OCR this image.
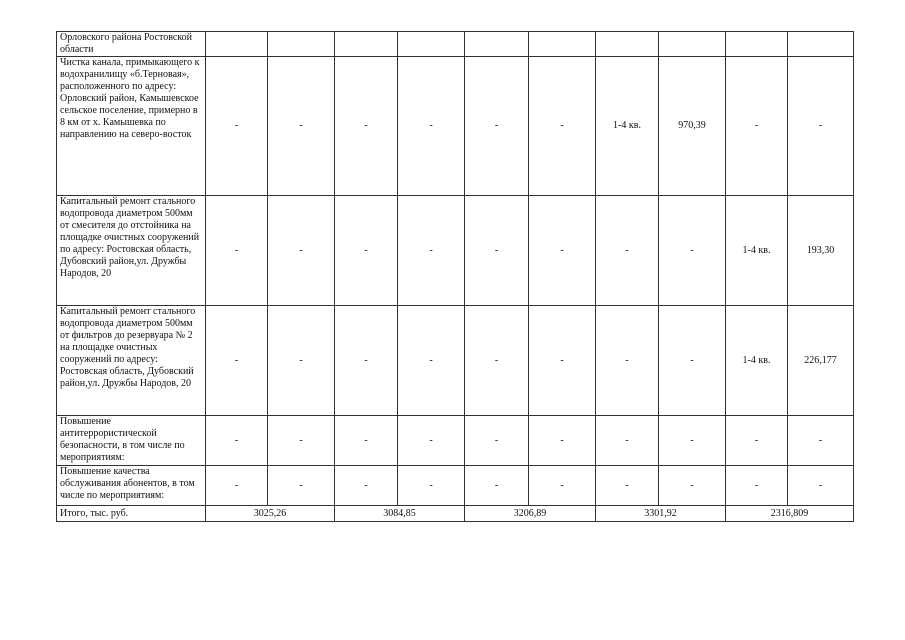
Орловского района Ростовской области										
Чистка канала, примыкающего к водохранилищу «б.Терновая», расположенного по адресу: Орловский район, Камышевское сельское поселение, примерно в 8 км от х. Камышевка по направлению на северо-восток	-	-	-	-	-	-	1-4 кв.	970,39	-	-
Капитальный ремонт стального водопровода диаметром 500мм от смесителя до отстойника на площадке очистных сооружений по адресу: Ростовская область, Дубовский район,ул. Дружбы Народов, 20	-	-	-	-	-	-	-	-	1-4 кв.	193,30
Капитальный ремонт стального водопровода диаметром 500мм от фильтров до резервуара № 2 на площадке очистных сооружений по адресу: Ростовская область, Дубовский район,ул. Дружбы Народов, 20	-	-	-	-	-	-	-	-	1-4 кв.	226,177
Повышение антитеррористической безопасности, в том числе по мероприятиям:	-	-	-	-	-	-	-	-	-	-
Повышение качества обслуживания абонентов, в том числе по мероприятиям:	-	-	-	-	-	-	-	-	-	-
Итого, тыс. руб.	3025,26		3084,85		3206,89		3301,92		2316,809	
